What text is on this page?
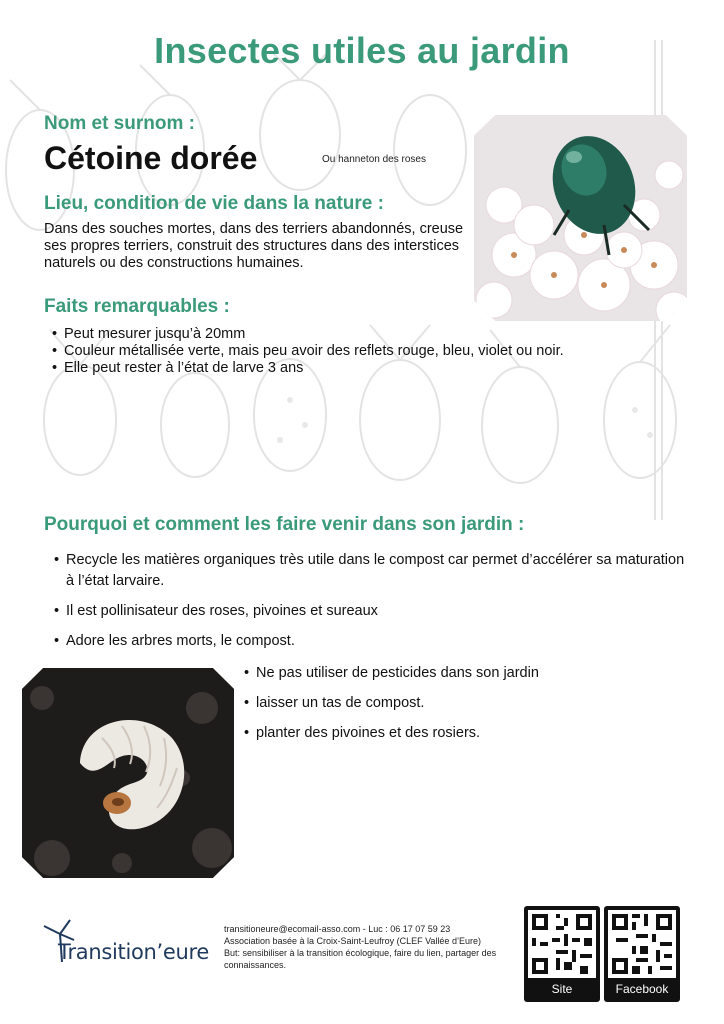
Insectes utiles au jardin
Nom et surnom :
Cétoine dorée	Ou hanneton des roses
Lieu, condition de vie dans la nature :
Dans des souches mortes, dans des terriers abandonnés, creuse ses propres terriers, construit des structures dans des interstices naturels ou des constructions humaines.
Faits remarquables :
• Peut mesurer jusqu’à 20mm
• Couleur métallisée verte, mais peu avoir des reflets rouge, bleu, violet ou noir.
• Elle peut rester à l’état de larve 3 ans
Pourquoi et comment les faire venir dans son jardin :
• Recycle les matières organiques très utile dans le compost car permet d’accélérer sa maturation à l’état larvaire.
• Il est pollinisateur des roses, pivoines et sureaux
• Adore les arbres morts, le compost.
• Ne pas utiliser de pesticides dans son jardin
• laisser un tas de compost.
• planter des pivoines et des rosiers.
Transition’eure
transitioneure@ecomail-asso.com - Luc : 06 17 07 59 23
Association basée à la Croix-Saint-Leufroy (CLEF Vallée d’Eure)
But: sensibiliser à la transition écologique, faire du lien, partager des connaissances.
Site	Facebook
